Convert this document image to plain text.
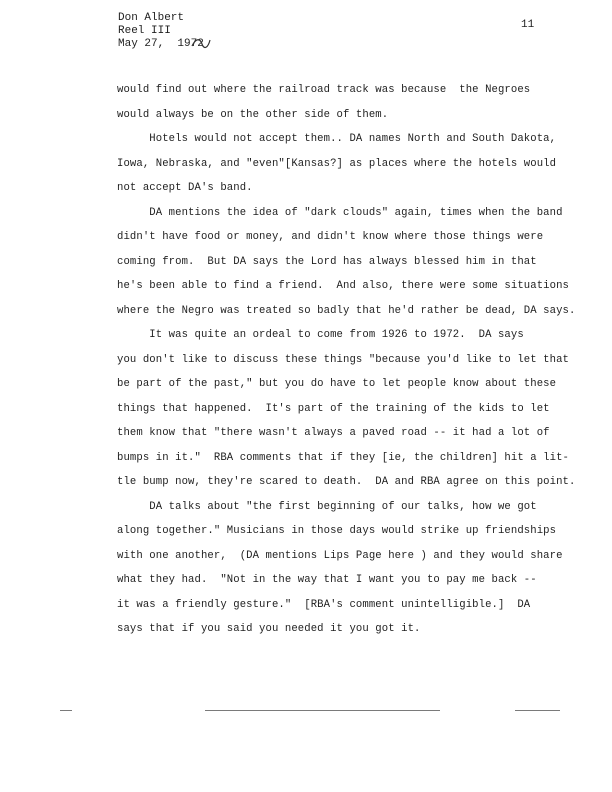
Don Albert
Reel III
May 27,  1972
11
would find out where the railroad track was because  the Negroes
would always be on the other side of them.
Hotels would not accept them.. DA names North and South Dakota,
Iowa, Nebraska, and "even"[Kansas?] as places where the hotels would
not accept DA's band.
DA mentions the idea of "dark clouds" again, times when the band
didn't have food or money, and didn't know where those things were
coming from.  But DA says the Lord has always blessed him in that
he's been able to find a friend.  And also, there were some situations
where the Negro was treated so badly that he'd rather be dead, DA says.
It was quite an ordeal to come from 1926 to 1972.  DA says
you don't like to discuss these things "because you'd like to let that
be part of the past," but you do have to let people know about these
things that happened.  It's part of the training of the kids to let
them know that "there wasn't always a paved road -- it had a lot of
bumps in it."  RBA comments that if they [ie, the children] hit a lit-
tle bump now, they're scared to death.  DA and RBA agree on this point.
DA talks about "the first beginning of our talks, how we got
along together." Musicians in those days would strike up friendships
with one another,  (DA mentions Lips Page here ) and they would share
what they had.  "Not in the way that I want you to pay me back --
it was a friendly gesture."  [RBA's comment unintelligible.]  DA
says that if you said you needed it you got it.
